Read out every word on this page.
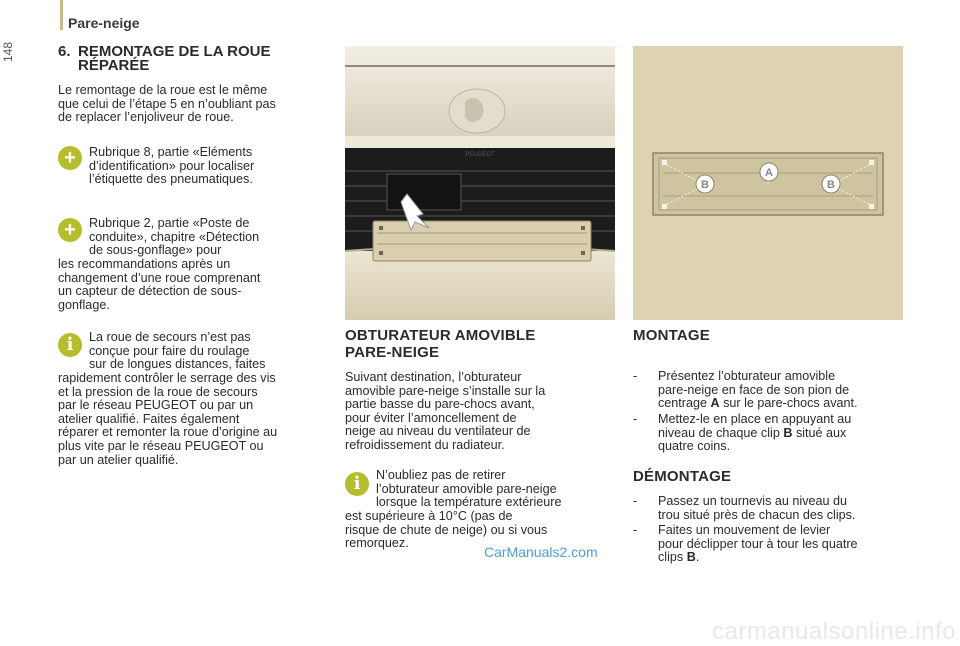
Pare-neige
148	6. REMONTAGE DE LA ROUE
RÉPARÉE
Le remontage de la roue est le même
que celui de l’étape 5 en n’oubliant pas
de replacer l’enjoliveur de roue.
+	Rubrique 8, partie «Eléments
d’identification» pour localiser
l’étiquette des pneumatiques.
+	Rubrique 2, partie «Poste de
conduite», chapitre «Détection
de sous-gonflage» pour
les recommandations après un
changement d’une roue comprenant
un capteur de détection de sous-
gonflage.
i	La roue de secours n’est pas
conçue pour faire du roulage
sur de longues distances, faites
rapidement contrôler le serrage des vis
et la pression de la roue de secours
par le réseau PEUGEOT ou par un
atelier qualifié. Faites également
réparer et remonter la roue d’origine au
plus vite par le réseau PEUGEOT ou
par un atelier qualifié.
PEUGEOT
OBTURATEUR AMOVIBLE
PARE-NEIGE
Suivant destination, l’obturateur
amovible pare-neige s’installe sur la
partie basse du pare-chocs avant,
pour éviter l’amoncellement de
neige au niveau du ventilateur de
refroidissement du radiateur.
i	N’oubliez pas de retirer
l’obturateur amovible pare-neige
lorsque la température extérieure
est supérieure à 10°C (pas de
risque de chute de neige) ou si vous
remorquez.
B	B
A
MONTAGE
- Présentez l’obturateur amovible
pare-neige en face de son pion de
centrage A sur le pare-chocs avant.
- Mettez-le en place en appuyant au
niveau de chaque clip B situé aux
quatre coins.
DÉMONTAGE
- Passez un tournevis au niveau du
trou situé près de chacun des clips.
- Faites un mouvement de levier
pour déclipper tour à tour les quatre
clips B.
CarManuals2.com
carmanualsonline.info
